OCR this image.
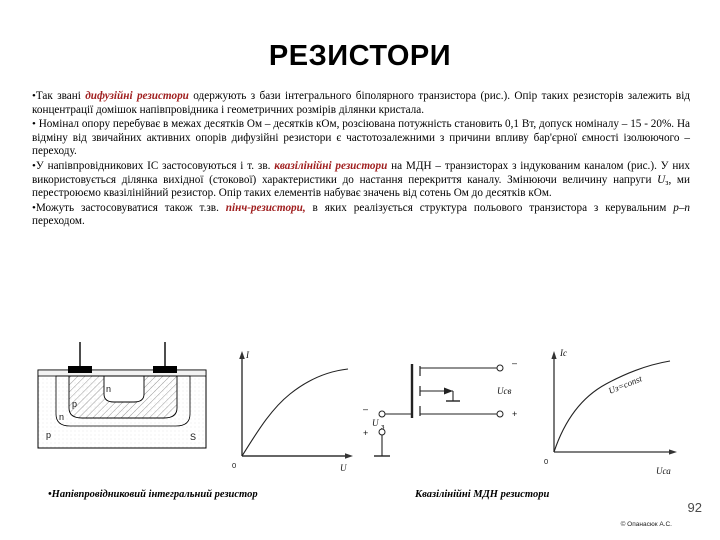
РЕЗИСТОРИ

•Так звані дифузійні резистори одержують з бази інтегрального біполярного транзистора (рис.). Опір таких резисторів залежить від концентрації домішок напівпровідника і геометричних розмірів ділянки кристала.

• Номінал опору перебуває в межах десятків Ом – десятків кОм, розсіювана потужність становить 0,1 Вт, допуск номіналу – 15 - 20%. На відміну від звичайних активних опорів дифузійні резистори є частотозалежними з причини впливу бар'єрної ємності ізолюючого – переходу.

•У напівпровідникових ІС застосовуються і т. зв. квазілінійні резистори на МДН – транзисторах з індукованим каналом (рис.). У них використовується ділянка вихідної (стокової) характеристики до настання перекриття каналу. Змінюючи величину напруги $U_з$, ми перестроюємо квазілінійний резистор. Опір таких елементів набуває значень від сотень Ом до десятків кОм.

•Можуть застосовуватися також т.зв. пінч-резистори, в яких реалізується структура польового транзистора з керувальним p–n переходом.

p
n
n
p	S
I
U
0
–
+
U з
–
+
Uсв	Uз=const
Ic
Uса
0
•Напівпровідниковий інтегральний резистор	Квазілінійні МДН резистори
92
© Опанасюк А.С.
